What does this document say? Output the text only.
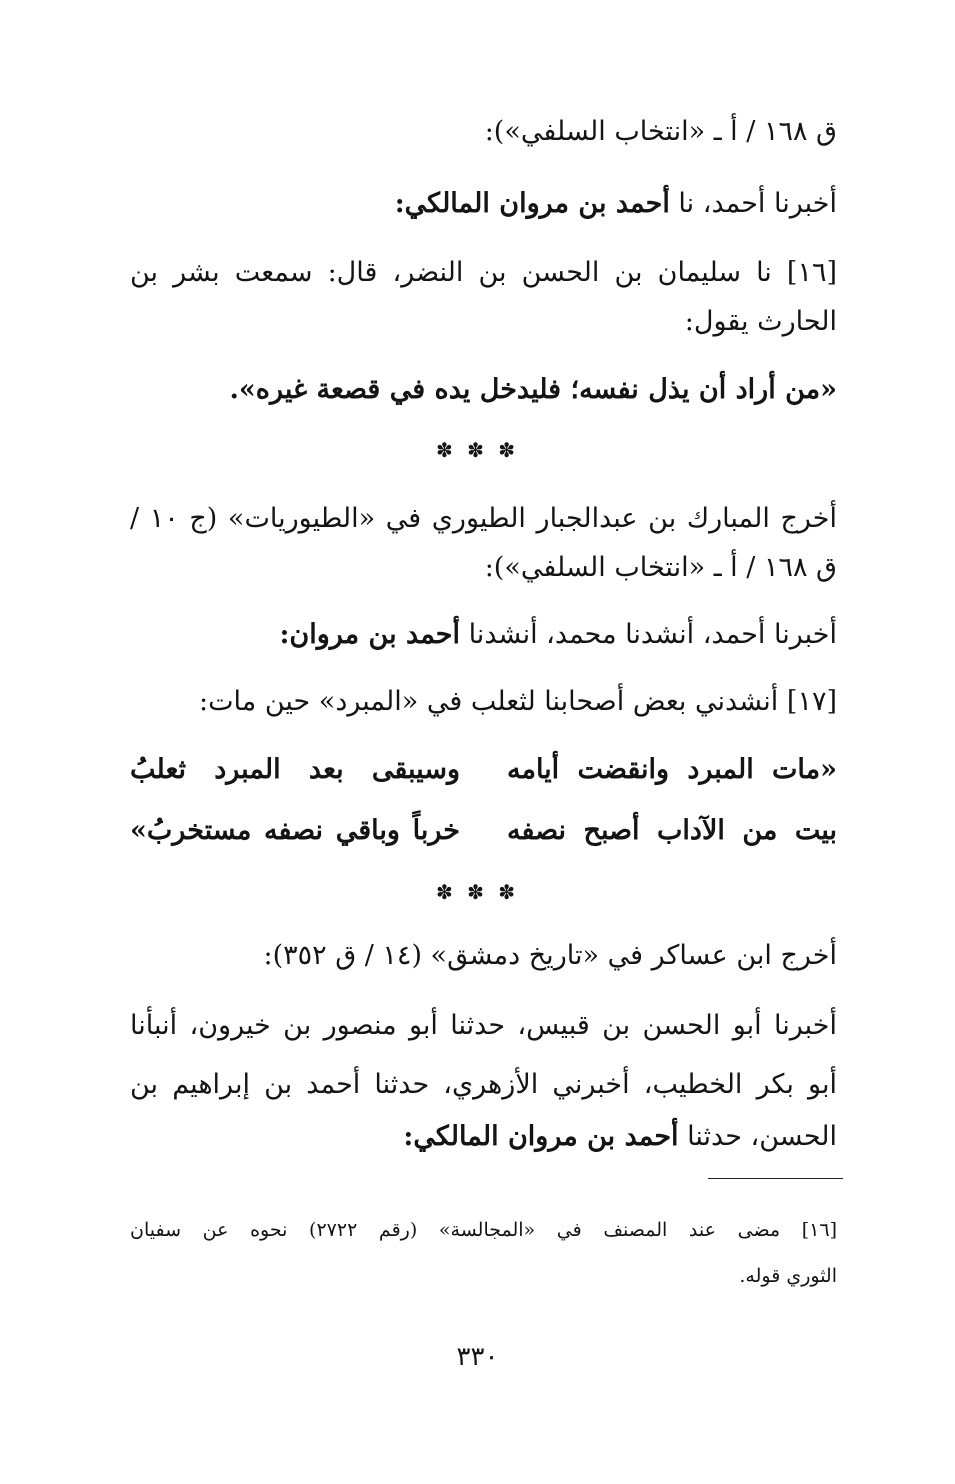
ق ١٦٨ / أ ـ «انتخاب السلفي»):
أخبرنا أحمد، نا أحمد بن مروان المالكي:
[١٦] نا سليمان بن الحسن بن النضر، قال: سمعت بشر بن
الحارث يقول:
«من أراد أن يذل نفسه؛ فليدخل يده في قصعة غيره».
✽ ✽ ✽
أخرج المبارك بن عبدالجبار الطيوري في «الطيوريات» (ج ١٠ /
ق ١٦٨ / أ ـ «انتخاب السلفي»):
أخبرنا أحمد، أنشدنا محمد، أنشدنا أحمد بن مروان:
[١٧] أنشدني بعض أصحابنا لثعلب في «المبرد» حين مات:
«مات المبرد وانقضت أيامه
وسيبقى بعد المبرد ثعلبُ
بيت من الآداب أصبح نصفه
خرباً وباقي نصفه مستخربُ»
✽ ✽ ✽
أخرج ابن عساكر في «تاريخ دمشق» (١٤ / ق ٣٥٢):
أخبرنا أبو الحسن بن قبيس، حدثنا أبو منصور بن خيرون، أنبأنا
أبو بكر الخطيب، أخبرني الأزهري، حدثنا أحمد بن إبراهيم بن
الحسن، حدثنا أحمد بن مروان المالكي:
[١٦] مضى عند المصنف في «المجالسة» (رقم ٢٧٢٢) نحوه عن سفيان
الثوري قوله.
٣٣٠
